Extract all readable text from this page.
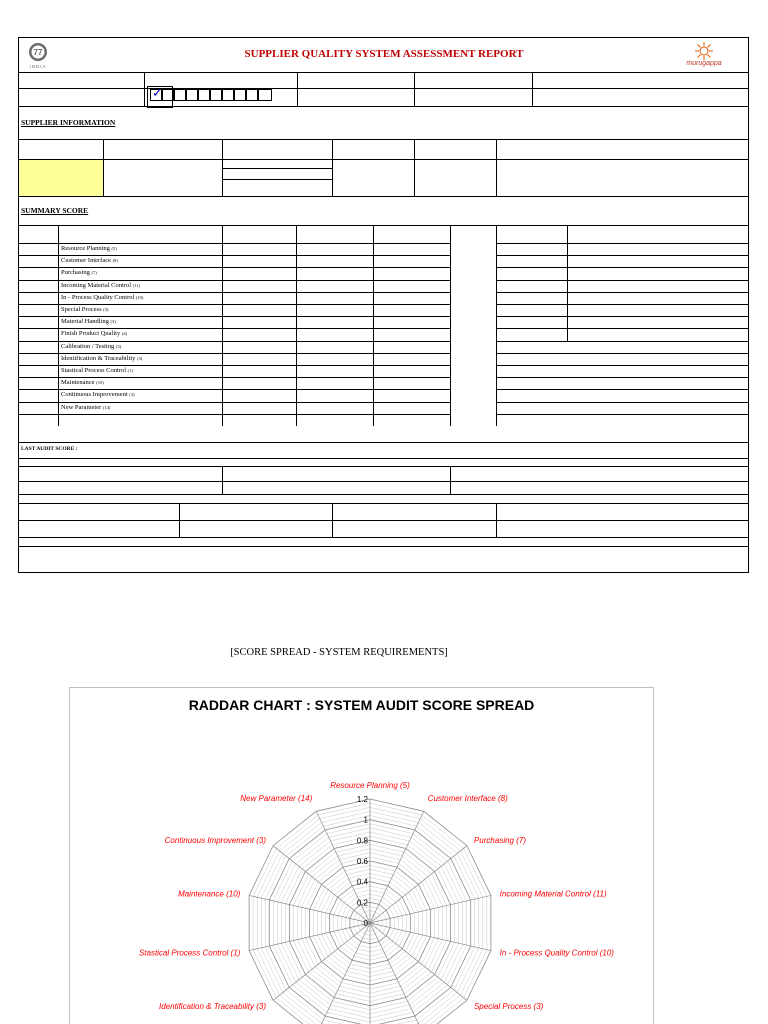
77
INDIA
SUPPLIER QUALITY SYSTEM ASSESSMENT REPORT
murugappa
✓
SUPPLIER INFORMATION
SUMMARY SCORE
Resource Planning (5)
Customer Interface (8)
Purchasing (7)
Incoming Material Control (11)
In - Process Quality Control (10)
Special Process (3)
Material Handling (3)
Finish Product Quality (4)
Calibration / Testing (3)
Identification & Traceability (3)
Stastical Process Control (1)
Maintenance (10)
Continuous Improvement (3)
New Parameter (14)
LAST AUDIT SCORE :
[SCORE SPREAD - SYSTEM REQUIREMENTS]
RADDAR CHART : SYSTEM AUDIT SCORE SPREAD
0
0.2
0.4
0.6
0.8
1
1.2
Resource Planning (5)
Customer Interface (8)
Purchasing (7)
Incoming Material Control (11)
In - Process Quality Control (10)
Special Process (3)
Identification & Traceability (3)
Stastical Process Control (1)
Maintenance (10)
Continuous Improvement (3)
New Parameter (14)
